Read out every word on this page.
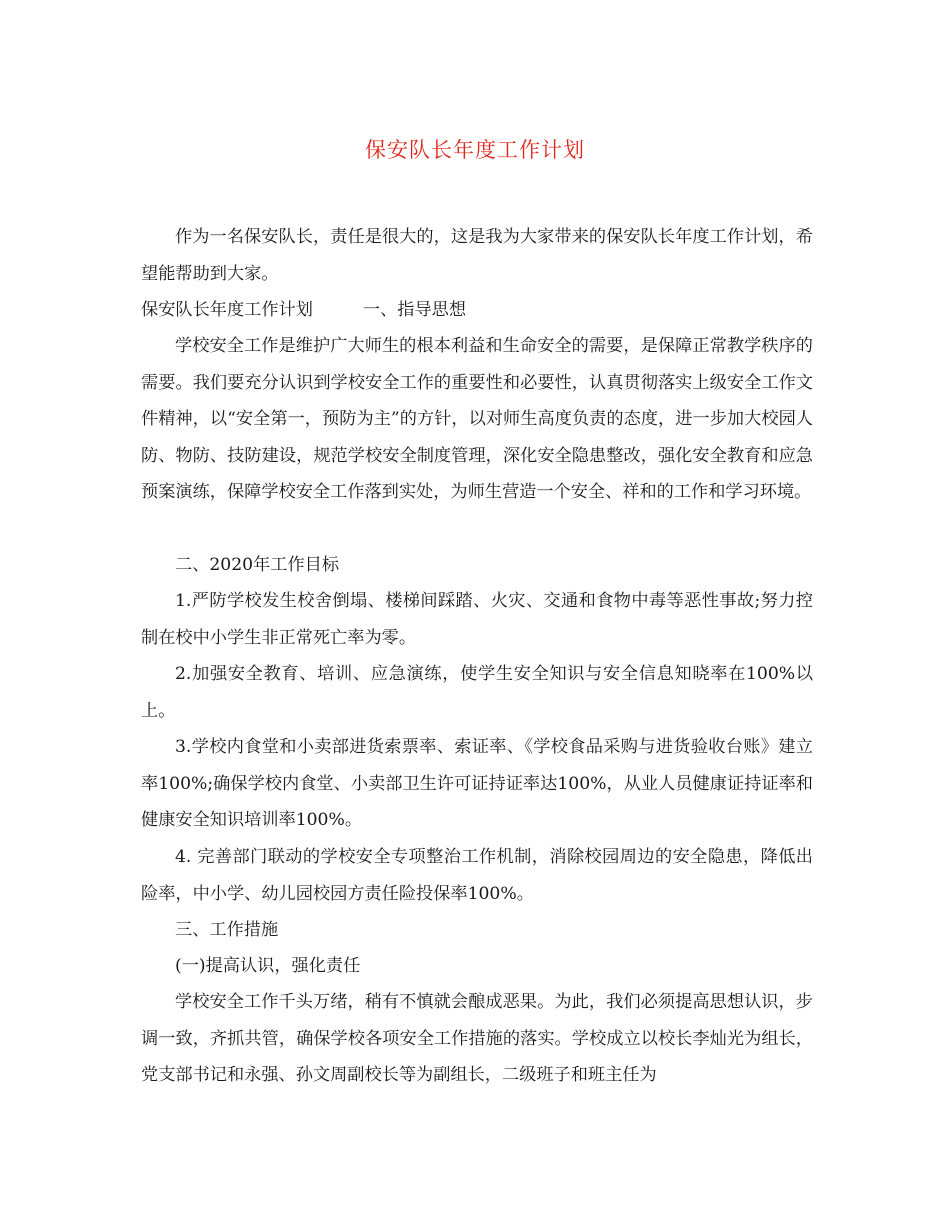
保安队长年度工作计划

作为一名保安队长，责任是很大的，这是我为大家带来的保安队长年度工作计划，希望能帮助到大家。

保安队长年度工作计划	一、指导思想

学校安全工作是维护广大师生的根本利益和生命安全的需要，是保障正常教学秩序的需要。我们要充分认识到学校安全工作的重要性和必要性，认真贯彻落实上级安全工作文件精神，以“安全第一，预防为主”的方针，以对师生高度负责的态度，进一步加大校园人防、物防、技防建设，规范学校安全制度管理，深化安全隐患整改，强化安全教育和应急预案演练，保障学校安全工作落到实处，为师生营造一个安全、祥和的工作和学习环境。

二、2020年工作目标

1.严防学校发生校舍倒塌、楼梯间踩踏、火灾、交通和食物中毒等恶性事故;努力控制在校中小学生非正常死亡率为零。

2.加强安全教育、培训、应急演练，使学生安全知识与安全信息知晓率在100%以上。

3.学校内食堂和小卖部进货索票率、索证率、《学校食品采购与进货验收台账》建立率100%;确保学校内食堂、小卖部卫生许可证持证率达100%，从业人员健康证持证率和健康安全知识培训率100%。

4. 完善部门联动的学校安全专项整治工作机制，消除校园周边的安全隐患，降低出险率，中小学、幼儿园校园方责任险投保率100%。

三、工作措施

(一)提高认识，强化责任

学校安全工作千头万绪，稍有不慎就会酿成恶果。为此，我们必须提高思想认识，步调一致，齐抓共管，确保学校各项安全工作措施的落实。学校成立以校长李灿光为组长，党支部书记和永强、孙文周副校长等为副组长，二级班子和班主任为
